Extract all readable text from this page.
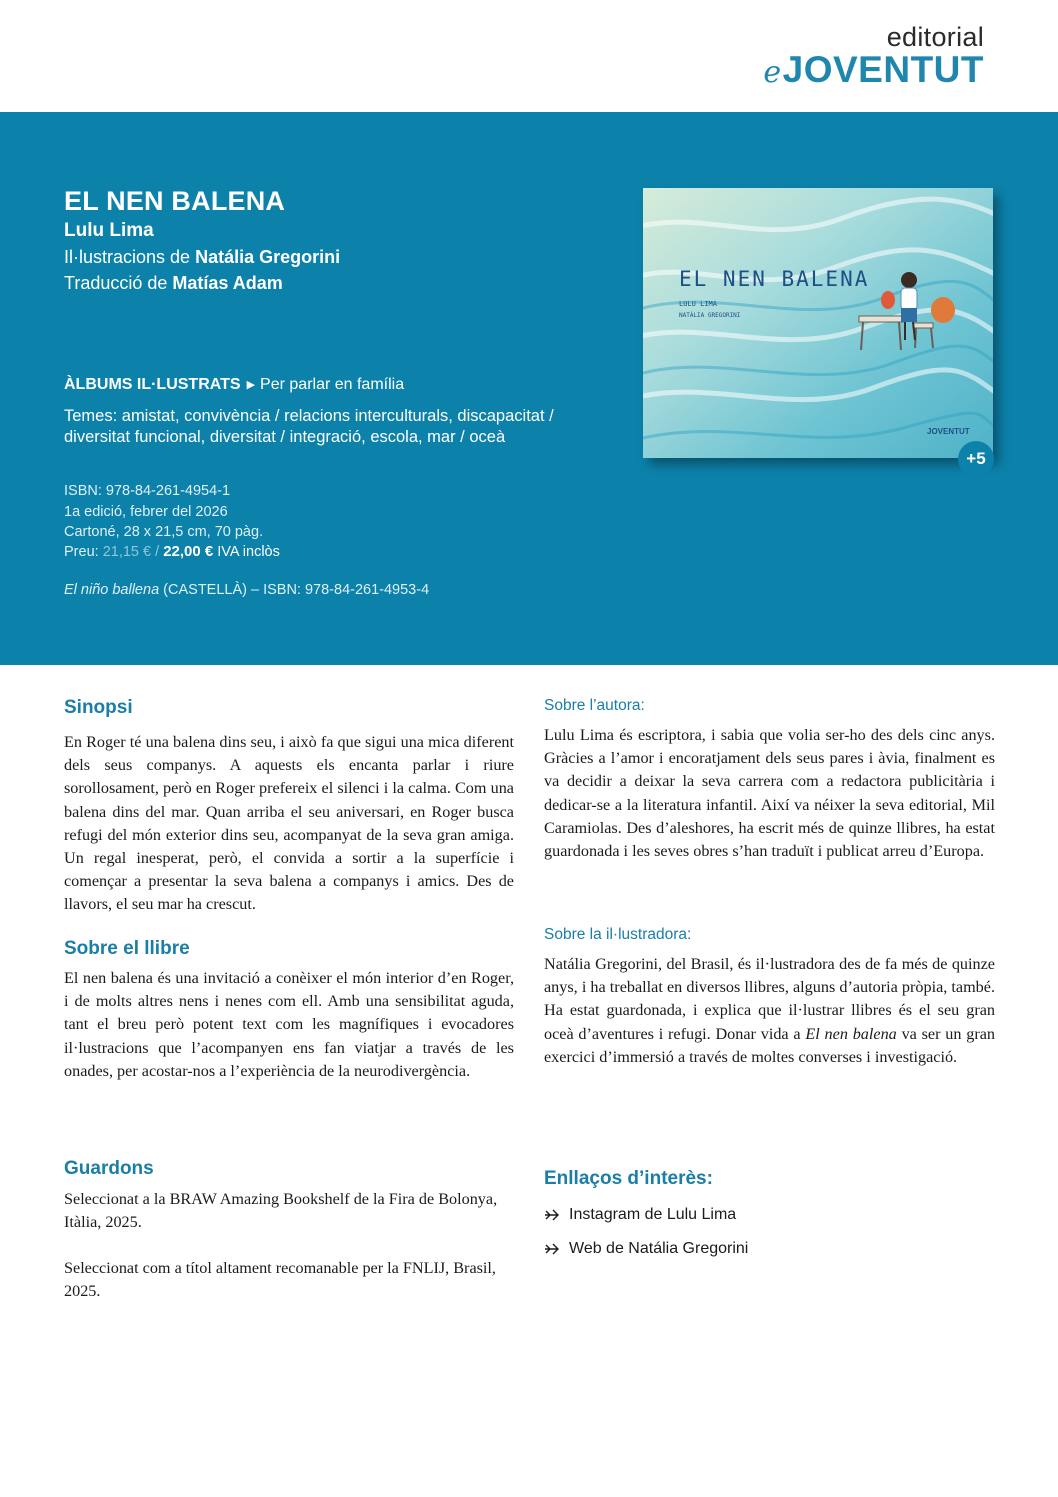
editorial
eJOVENTUT
EL NEN BALENA
Lulu Lima
Il·lustracions de Natália Gregorini
Traducció de Matías Adam
ÀLBUMS IL·LUSTRATS ▶ Per parlar en família
Temes: amistat, convivència / relacions interculturals, discapacitat /
diversitat funcional, diversitat / integració, escola, mar / oceà
ISBN: 978-84-261-4954-1
1a edició, febrer del 2026
Cartoné, 28 x 21,5 cm, 70 pàg.
Preu: 21,15 € / 22,00 € IVA inclòs
El niño ballena (CASTELLÀ) – ISBN: 978-84-261-4953-4
EL NEN BALENA
LULU LIMA
NATÁLIA GREGORINI
JOVENTUT
+5
Sinopsi
En Roger té una balena dins seu, i això fa que sigui una mica diferent dels seus companys. A aquests els encanta parlar i riure sorollosament, però en Roger prefereix el silenci i la calma. Com una balena dins del mar. Quan arriba el seu aniversari, en Roger busca refugi del món exterior dins seu, acompanyat de la seva gran amiga. Un regal inesperat, però, el convida a sortir a la superfície i començar a presentar la seva balena a companys i amics. Des de llavors, el seu mar ha crescut.
Sobre el llibre
El nen balena és una invitació a conèixer el món interior d’en Roger, i de molts altres nens i nenes com ell. Amb una sensibilitat aguda, tant el breu però potent text com les magnífiques i evocadores il·lustracions que l’acompanyen ens fan viatjar a través de les onades, per acostar-nos a l’experiència de la neurodivergència.
Guardons
Seleccionat a la BRAW Amazing Bookshelf de la Fira de Bolonya, Itàlia, 2025.
Seleccionat com a títol altament recomanable per la FNLIJ, Brasil, 2025.
Sobre l’autora:
Lulu Lima és escriptora, i sabia que volia ser-ho des dels cinc anys. Gràcies a l’amor i encoratjament dels seus pares i àvia, finalment es va decidir a deixar la seva carrera com a redactora publicitària i dedicar-se a la literatura infantil. Així va néixer la seva editorial, Mil Caramiolas. Des d’aleshores, ha escrit més de quinze llibres, ha estat guardonada i les seves obres s’han traduït i publicat arreu d’Europa.
Sobre la il·lustradora:
Natália Gregorini, del Brasil, és il·lustradora des de fa més de quinze anys, i ha treballat en diversos llibres, alguns d’autoria pròpia, també. Ha estat guardonada, i explica que il·lustrar llibres és el seu gran oceà d’aventures i refugi. Donar vida a El nen balena va ser un gran exercici d’immersió a través de moltes converses i investigació.
Enllaços d’interès:
Instagram de Lulu Lima
Web de Natália Gregorini
